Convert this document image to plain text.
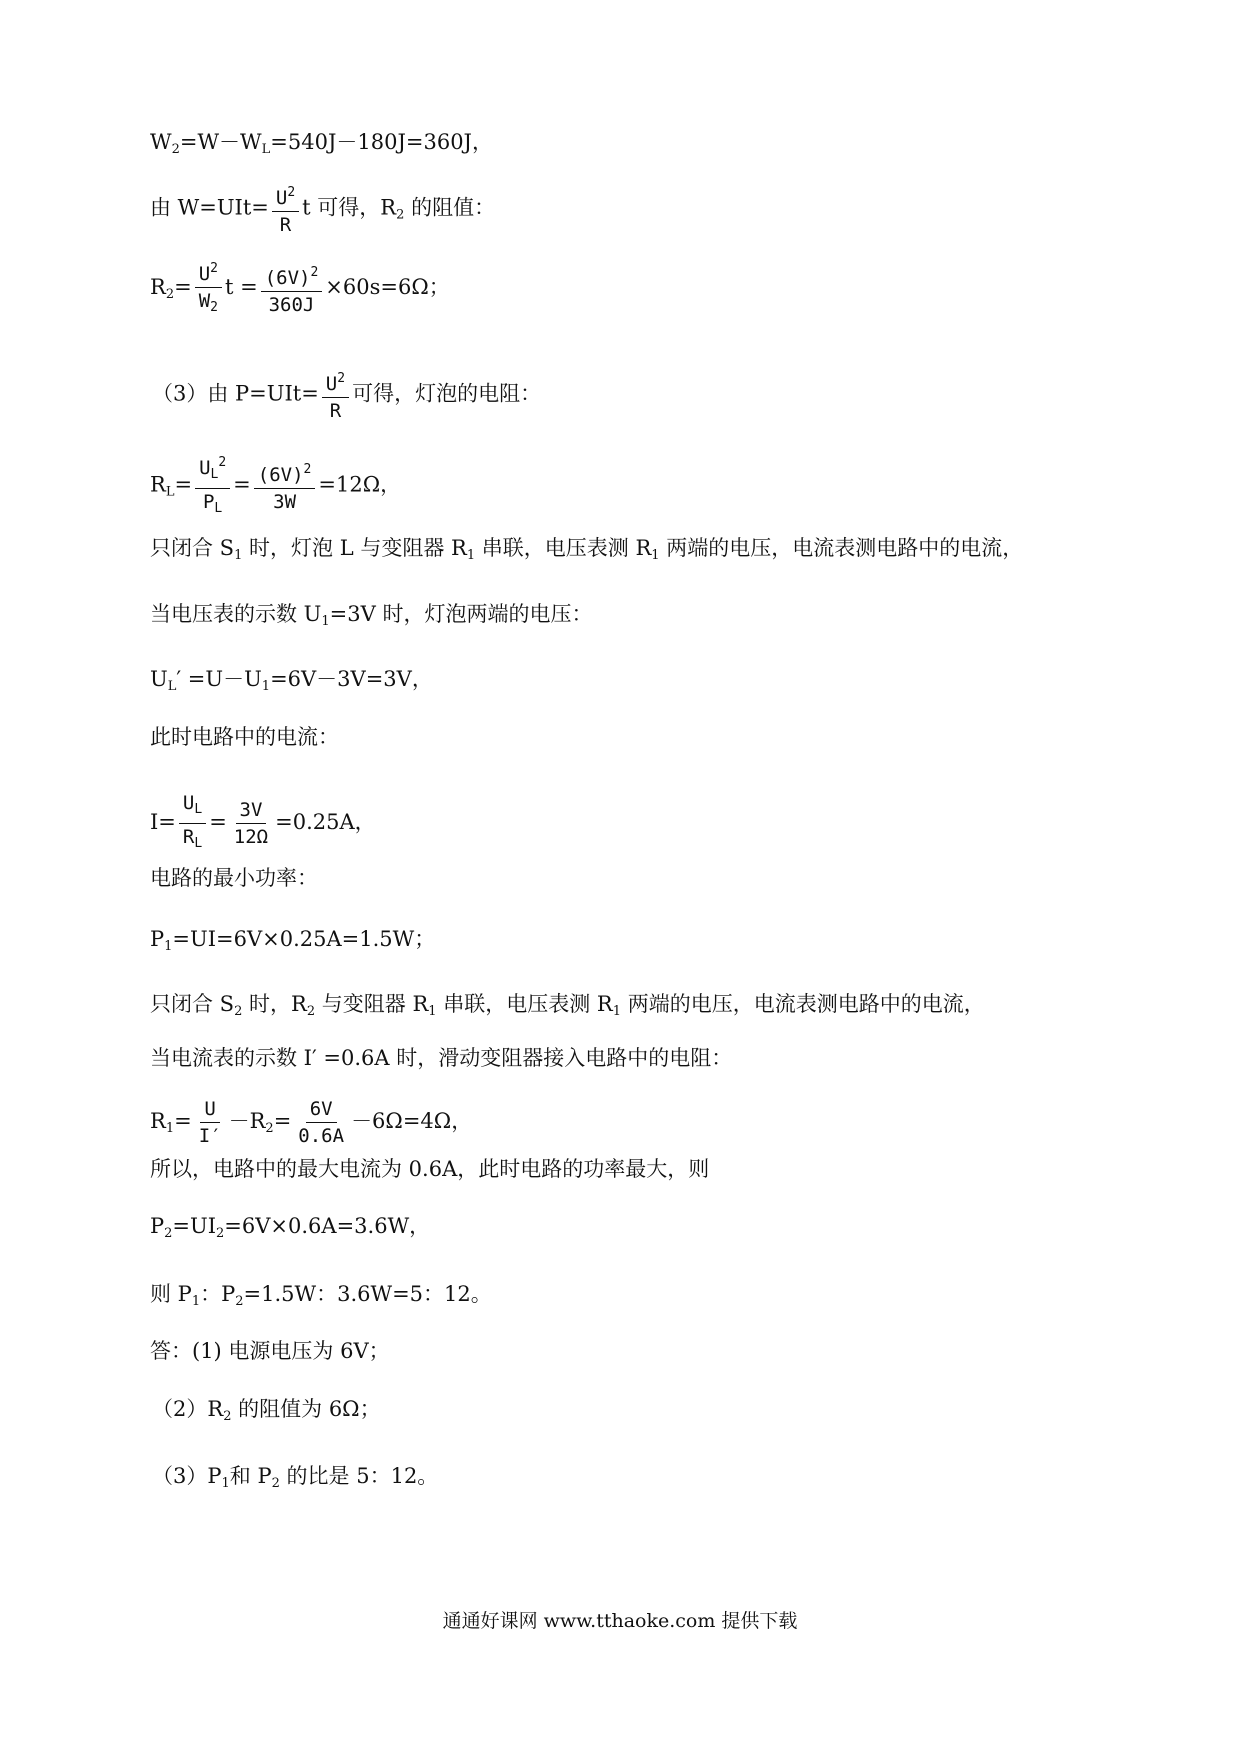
$W_2=W-W_L=540J-180J=360J$，
由 $W=UIt= \frac{U^2}{R}$ t 可得，$R_2$ 的阻值：
$R_2= \frac{U^2}{W_2}$ $t = \frac{(6V)^2}{360J} \times 60s=6\Omega$；
（3）由 $P=UIt= \frac{U^2}{R}$ 可得，灯泡的电阻：
$R_L= \frac{U_L^2}{P_L} = \frac{(6V)^2}{3W} =12\Omega$，
只闭合 $S_1$ 时，灯泡 L 与变阻器 $R_1$ 串联，电压表测 $R_1$ 两端的电压，电流表测电路中的电流，
当电压表的示数 $U_1=3V$ 时，灯泡两端的电压：
$U_L' =U-U_1=6V-3V=3V$，
此时电路中的电流：
$I= \frac{U_L}{R_L} = \frac{3V}{12\Omega} =0.25A$，
电路的最小功率：
$P_1=UI=6V\times 0.25A=1.5W$；
只闭合 $S_2$ 时，$R_2$ 与变阻器 $R_1$ 串联，电压表测 $R_1$ 两端的电压，电流表测电路中的电流，
当电流表的示数 I′ =0.6A 时，滑动变阻器接入电路中的电阻：
$R_1= \frac{U}{I'} -R_2= \frac{6V}{0.6A} -6\Omega=4\Omega$，
所以，电路中的最大电流为 0.6A，此时电路的功率最大，则
$P_2=UI_2=6V\times 0.6A=3.6W$，
则 $P_1$：$P_2=1.5W$：3.6W=5：12。
答：(1) 电源电压为 6V；
$(2)R_2$ 的阻值为 6Ω；
$(3)P_1$和 $P_2$ 的比是 5：12。
通通好课网 www.tthaoke.com 提供下载
